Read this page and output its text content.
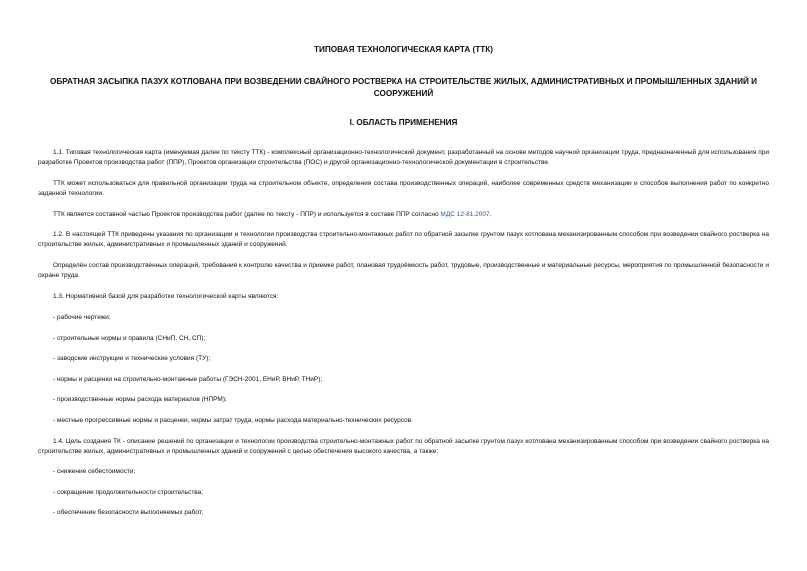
ТИПОВАЯ ТЕХНОЛОГИЧЕСКАЯ КАРТА (ТТК)
ОБРАТНАЯ ЗАСЫПКА ПАЗУХ КОТЛОВАНА ПРИ ВОЗВЕДЕНИИ СВАЙНОГО РОСТВЕРКА НА СТРОИТЕЛЬСТВЕ ЖИЛЫХ, АДМИНИСТРАТИВНЫХ И ПРОМЫШЛЕННЫХ ЗДАНИЙ И СООРУЖЕНИЙ
I. ОБЛАСТЬ ПРИМЕНЕНИЯ
1.1. Типовая технологическая карта (именуемая далее по тексту ТТК) - комплексный организационно-технологический документ, разработанный на основе методов научной организации труда, предназначенный для использования при разработке Проектов производства работ (ППР), Проектов организации строительства (ПОС) и другой организационно-технологической документации в строительстве.
ТТК может использоваться для правильной организации труда на строительном объекте, определения состава производственных операций, наиболее современных средств механизации и способов выполнения работ по конкретно заданной технологии.
ТТК является составной частью Проектов производства работ (далее по тексту - ППР) и используется в составе ППР согласно МДС 12-81.2007.
1.2. В настоящей ТТК приведены указания по организации и технологии производства строительно-монтажных работ по обратной засыпке грунтом пазух котлована механизированным способом при возведении свайного ростверка на строительстве жилых, административных и промышленных зданий и сооружений.
Определён состав производственных операций, требования к контролю качества и приемке работ, плановая трудоёмкость работ, трудовые, производственные и материальные ресурсы, мероприятия по промышленной безопасности и охране труда.
1.3. Нормативной базой для разработки технологической карты являются:
- рабочие чертежи;
- строительные нормы и правила (СНиП, СН, СП);
- заводские инструкции и технические условия (ТУ);
- нормы и расценки на строительно-монтажные работы (ГЭСН-2001, ЕНиР, ВНиР, ТНиР);
- производственные нормы расхода материалов (НПРМ);
- местные прогрессивные нормы и расценки, нормы затрат труда, нормы расхода материально-технических ресурсов.
1.4. Цель создания ТК - описание решений по организации и технологии производства строительно-монтажных работ по обратной засыпке грунтом пазух котлована механизированным способом при возведении свайного ростверка на строительстве жилых, административных и промышленных зданий и сооружений с целью обеспечения высокого качества, а также:
- снижение себестоимости;
- сокращение продолжительности строительства;
- обеспечение безопасности выполняемых работ;
